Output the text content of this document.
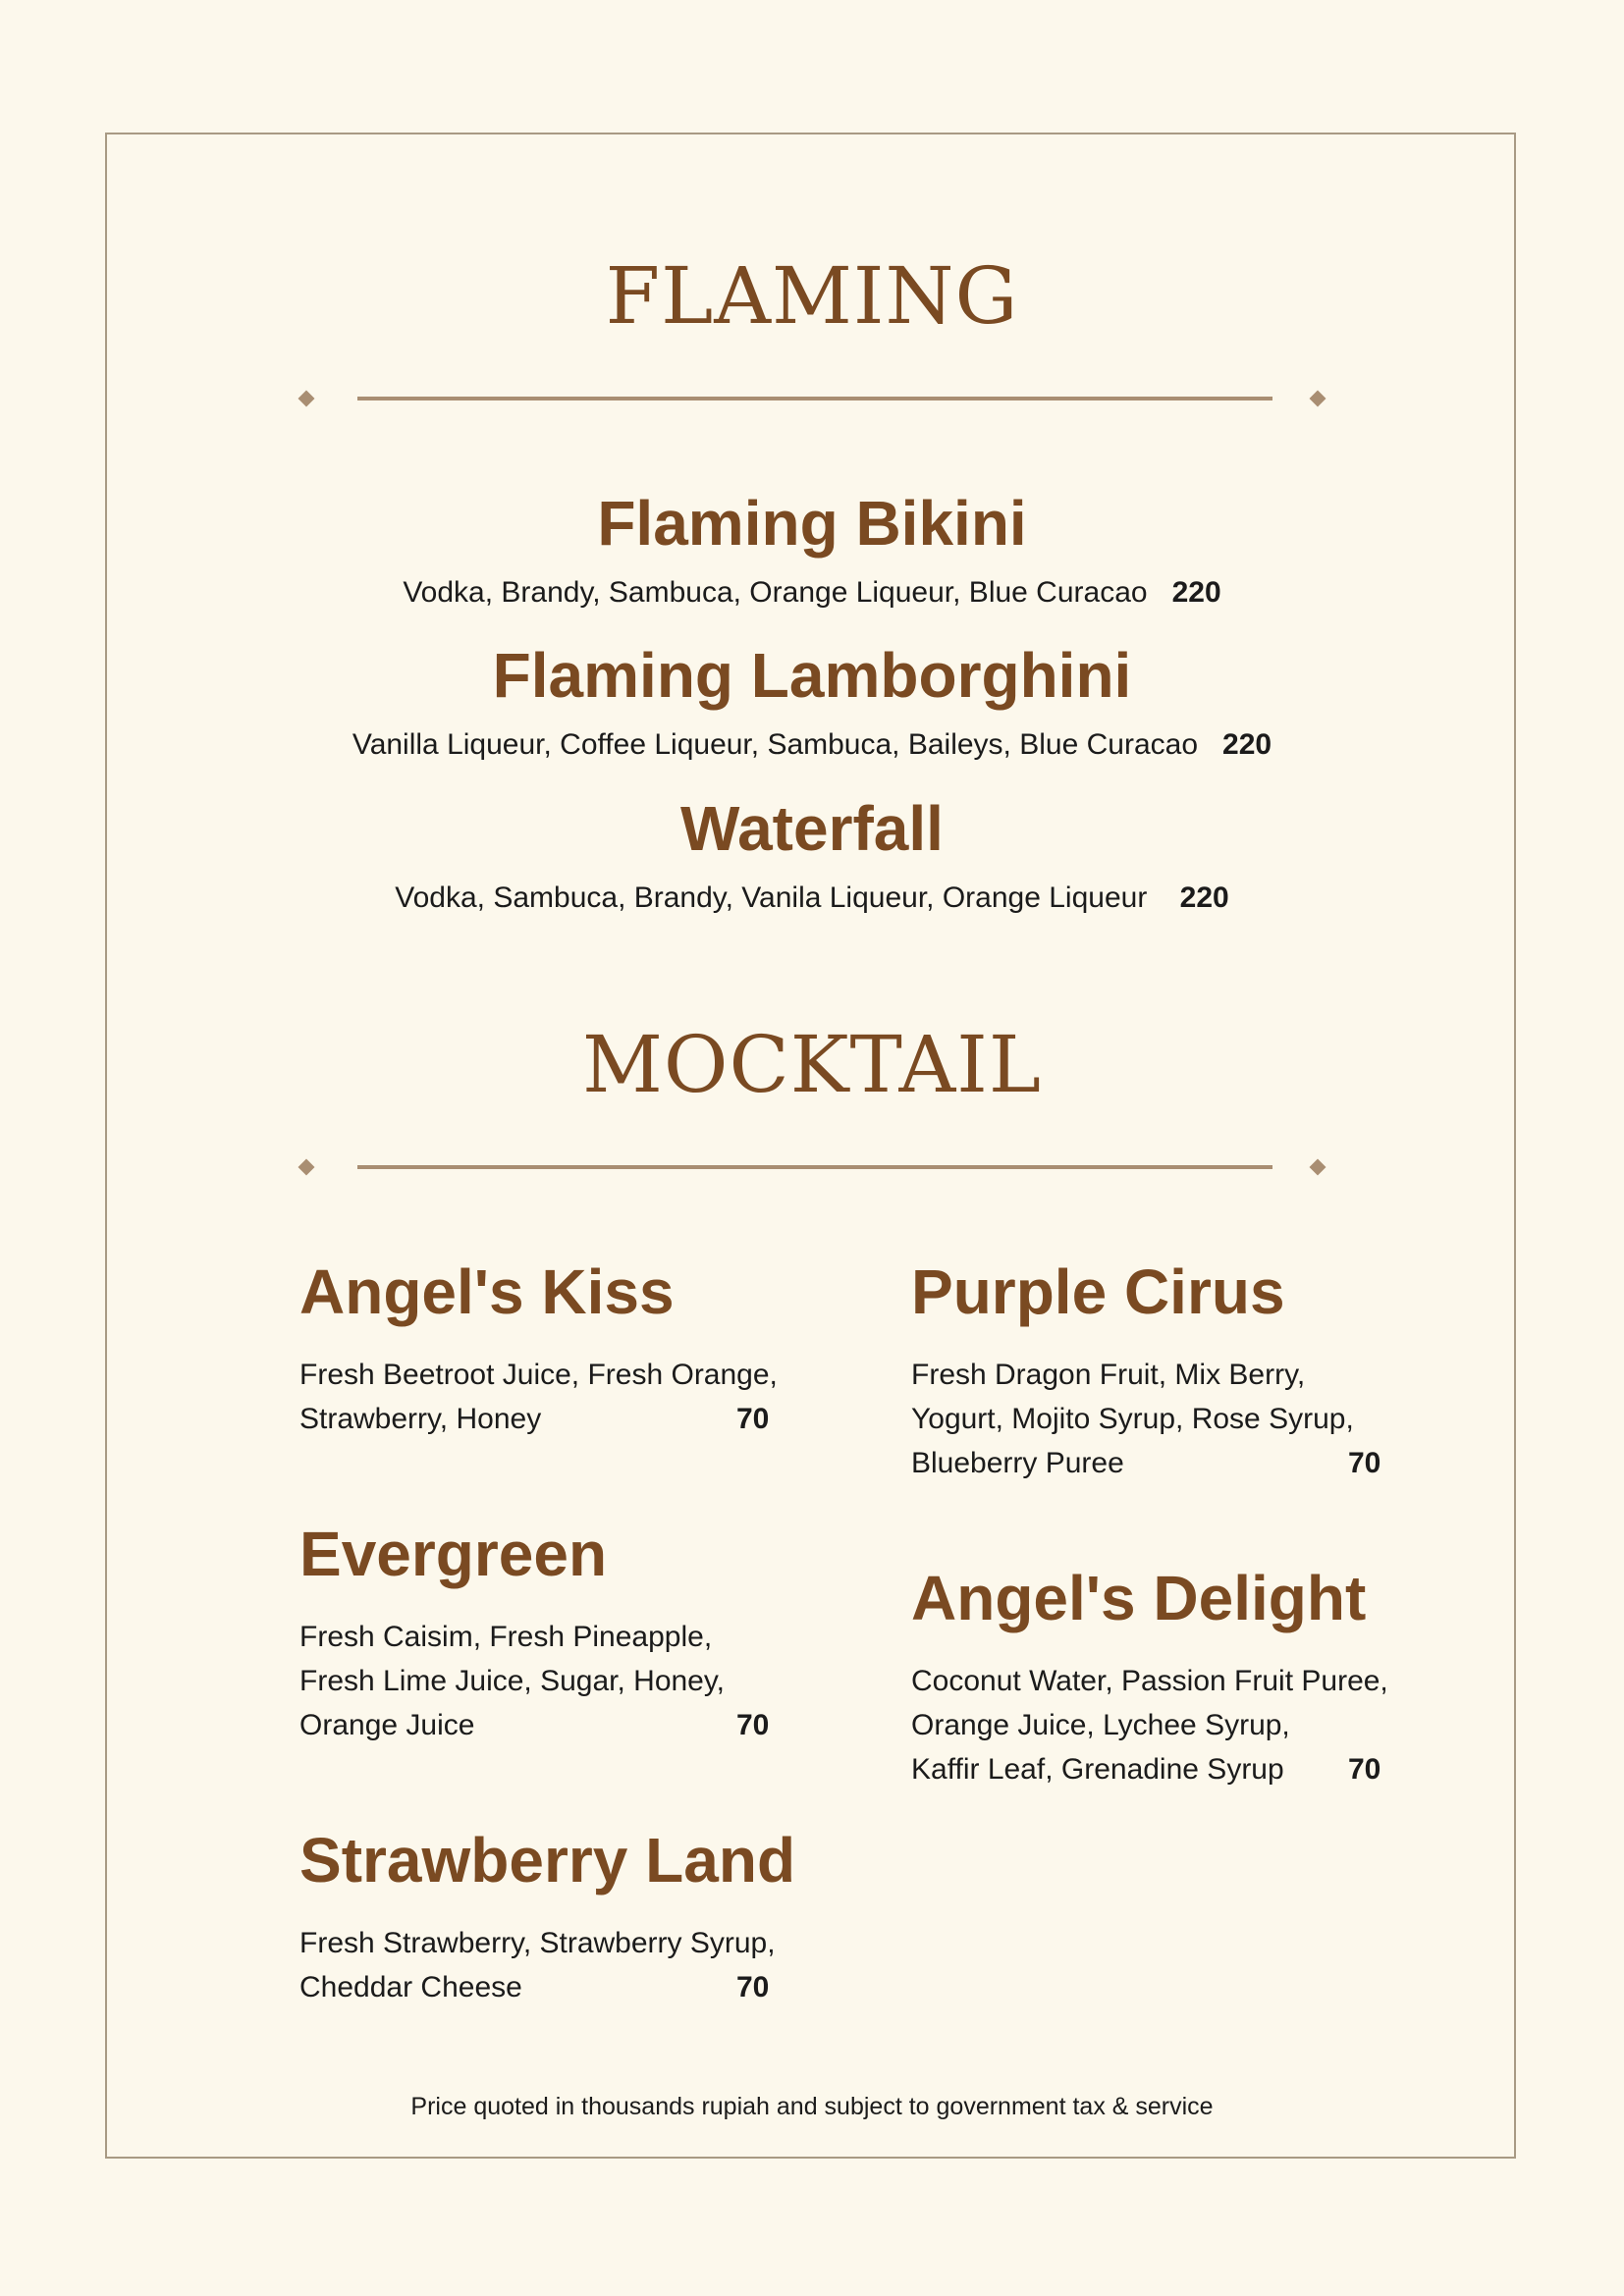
FLAMING
Flaming Bikini
Vodka, Brandy, Sambuca, Orange Liqueur, Blue Curacao 220
Flaming Lamborghini
Vanilla Liqueur, Coffee Liqueur, Sambuca, Baileys, Blue Curacao 220
Waterfall
Vodka, Sambuca, Brandy, Vanila Liqueur, Orange Liqueur 220
MOCKTAIL
Angel's Kiss
Fresh Beetroot Juice, Fresh Orange,
Strawberry, Honey	70
Evergreen
Fresh Caisim, Fresh Pineapple,
Fresh Lime Juice, Sugar, Honey,
Orange Juice	70
Strawberry Land
Fresh Strawberry, Strawberry Syrup,
Cheddar Cheese	70
Purple Cirus
Fresh Dragon Fruit, Mix Berry,
Yogurt, Mojito Syrup, Rose Syrup,
Blueberry Puree	70
Angel's Delight
Coconut Water, Passion Fruit Puree,
Orange Juice, Lychee Syrup,
Kaffir Leaf, Grenadine Syrup 70
Price quoted in thousands rupiah and subject to government tax & service
